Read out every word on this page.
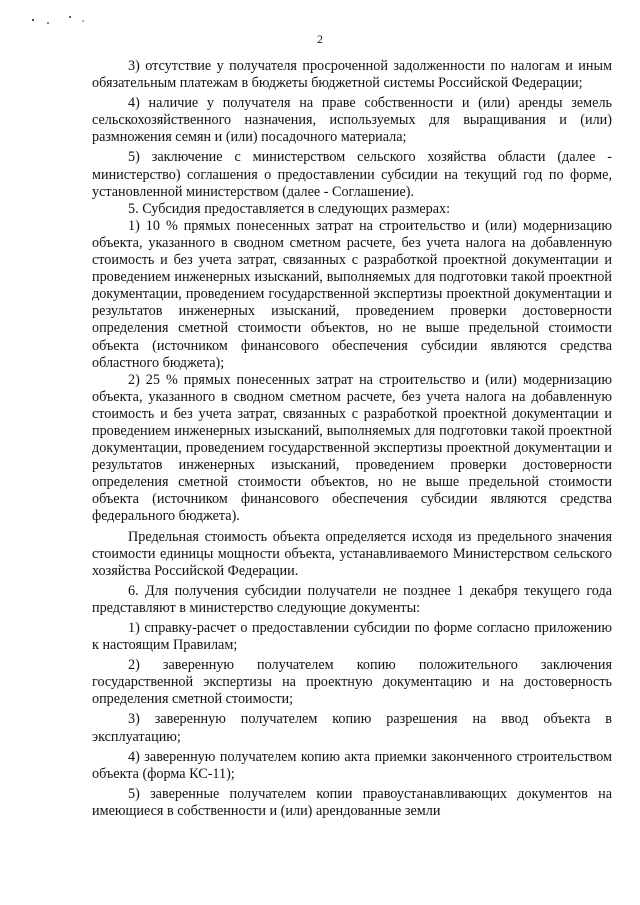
2

3) отсутствие у получателя просроченной задолженности по налогам и иным обязательным платежам в бюджеты бюджетной системы Российской Федерации;

4) наличие у получателя на праве собственности и (или) аренды земель сельскохозяйственного назначения, используемых для выращивания и (или) размножения семян и (или) посадочного материала;

5) заключение с министерством сельского хозяйства области (далее - министерство) соглашения о предоставлении субсидии на текущий год по форме, установленной министерством (далее - Соглашение).

5. Субсидия предоставляется в следующих размерах:

1) 10 % прямых понесенных затрат на строительство и (или) модернизацию объекта, указанного в сводном сметном расчете, без учета налога на добавленную стоимость и без учета затрат, связанных с разработкой проектной документации и проведением инженерных изысканий, выполняемых для подготовки такой проектной документации, проведением государственной экспертизы проектной документации и результатов инженерных изысканий, проведением проверки достоверности определения сметной стоимости объектов, но не выше предельной стоимости объекта (источником финансового обеспечения субсидии являются средства областного бюджета);

2) 25 % прямых понесенных затрат на строительство и (или) модернизацию объекта, указанного в сводном сметном расчете, без учета налога на добавленную стоимость и без учета затрат, связанных с разработкой проектной документации и проведением инженерных изысканий, выполняемых для подготовки такой проектной документации, проведением государственной экспертизы проектной документации и результатов инженерных изысканий, проведением проверки достоверности определения сметной стоимости объектов, но не выше предельной стоимости объекта (источником финансового обеспечения субсидии являются средства федерального бюджета).

Предельная стоимость объекта определяется исходя из предельного значения стоимости единицы мощности объекта, устанавливаемого Министерством сельского хозяйства Российской Федерации.

6. Для получения субсидии получатели не позднее 1 декабря текущего года представляют в министерство следующие документы:

1) справку-расчет о предоставлении субсидии по форме согласно приложению к настоящим Правилам;

2) заверенную получателем копию положительного заключения государственной экспертизы на проектную документацию и на достоверность определения сметной стоимости;

3) заверенную получателем копию разрешения на ввод объекта в эксплуатацию;

4) заверенную получателем копию акта приемки законченного строительством объекта (форма КС-11);

5) заверенные получателем копии правоустанавливающих документов на имеющиеся в собственности и (или) арендованные земли
